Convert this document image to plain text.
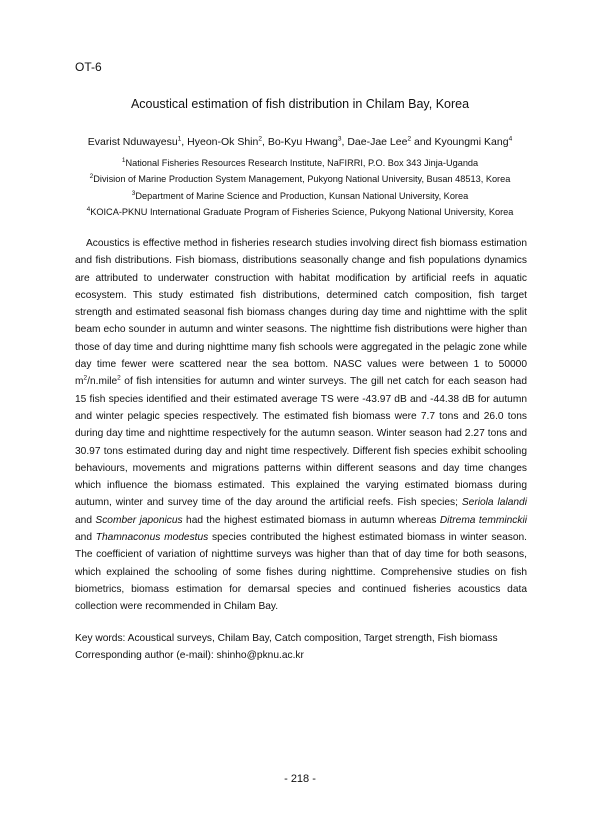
OT-6
Acoustical estimation of fish distribution in Chilam Bay, Korea
Evarist Nduwayesu$^1$, Hyeon-Ok Shin$^2$, Bo-Kyu Hwang$^3$, Dae-Jae Lee$^2$ and Kyoungmi Kang$^4$
$^1$National Fisheries Resources Research Institute, NaFIRRI, P.O. Box 343 Jinja-Uganda
$^2$Division of Marine Production System Management, Pukyong National University, Busan 48513, Korea
$^3$Department of Marine Science and Production, Kunsan National University, Korea
$^4$KOICA-PKNU International Graduate Program of Fisheries Science, Pukyong National University, Korea

Acoustics is effective method in fisheries research studies involving direct fish biomass estimation and fish distributions. Fish biomass, distributions seasonally change and fish populations dynamics are attributed to underwater construction with habitat modification by artificial reefs in aquatic ecosystem. This study estimated fish distributions, determined catch composition, fish target strength and estimated seasonal fish biomass changes during day time and nighttime with the split beam echo sounder in autumn and winter seasons. The nighttime fish distributions were higher than those of day time and during nighttime many fish schools were aggregated in the pelagic zone while day time fewer were scattered near the sea bottom. NASC values were between 1 to 50000 $m^2/n.mile^2$ of fish intensities for autumn and winter surveys. The gill net catch for each season had 15 fish species identified and their estimated average TS were -43.97 dB and -44.38 dB for autumn and winter pelagic species respectively. The estimated fish biomass were 7.7 tons and 26.0 tons during day time and nighttime respectively for the autumn season. Winter season had 2.27 tons and 30.97 tons estimated during day and night time respectively. Different fish species exhibit schooling behaviours, movements and migrations patterns within different seasons and day time changes which influence the biomass estimated. This explained the varying estimated biomass during autumn, winter and survey time of the day around the artificial reefs. Fish species; Seriola lalandi and Scomber japonicus had the highest estimated biomass in autumn whereas Ditrema temminckii and Thamnaconus modestus species contributed the highest estimated biomass in winter season. The coefficient of variation of nighttime surveys was higher than that of day time for both seasons, which explained the schooling of some fishes during nighttime. Comprehensive studies on fish biometrics, biomass estimation for demarsal species and continued fisheries acoustics data collection were recommended in Chilam Bay.

Key words: Acoustical surveys, Chilam Bay, Catch composition, Target strength, Fish biomass
Corresponding author (e-mail): shinho@pknu.ac.kr
- 218 -
